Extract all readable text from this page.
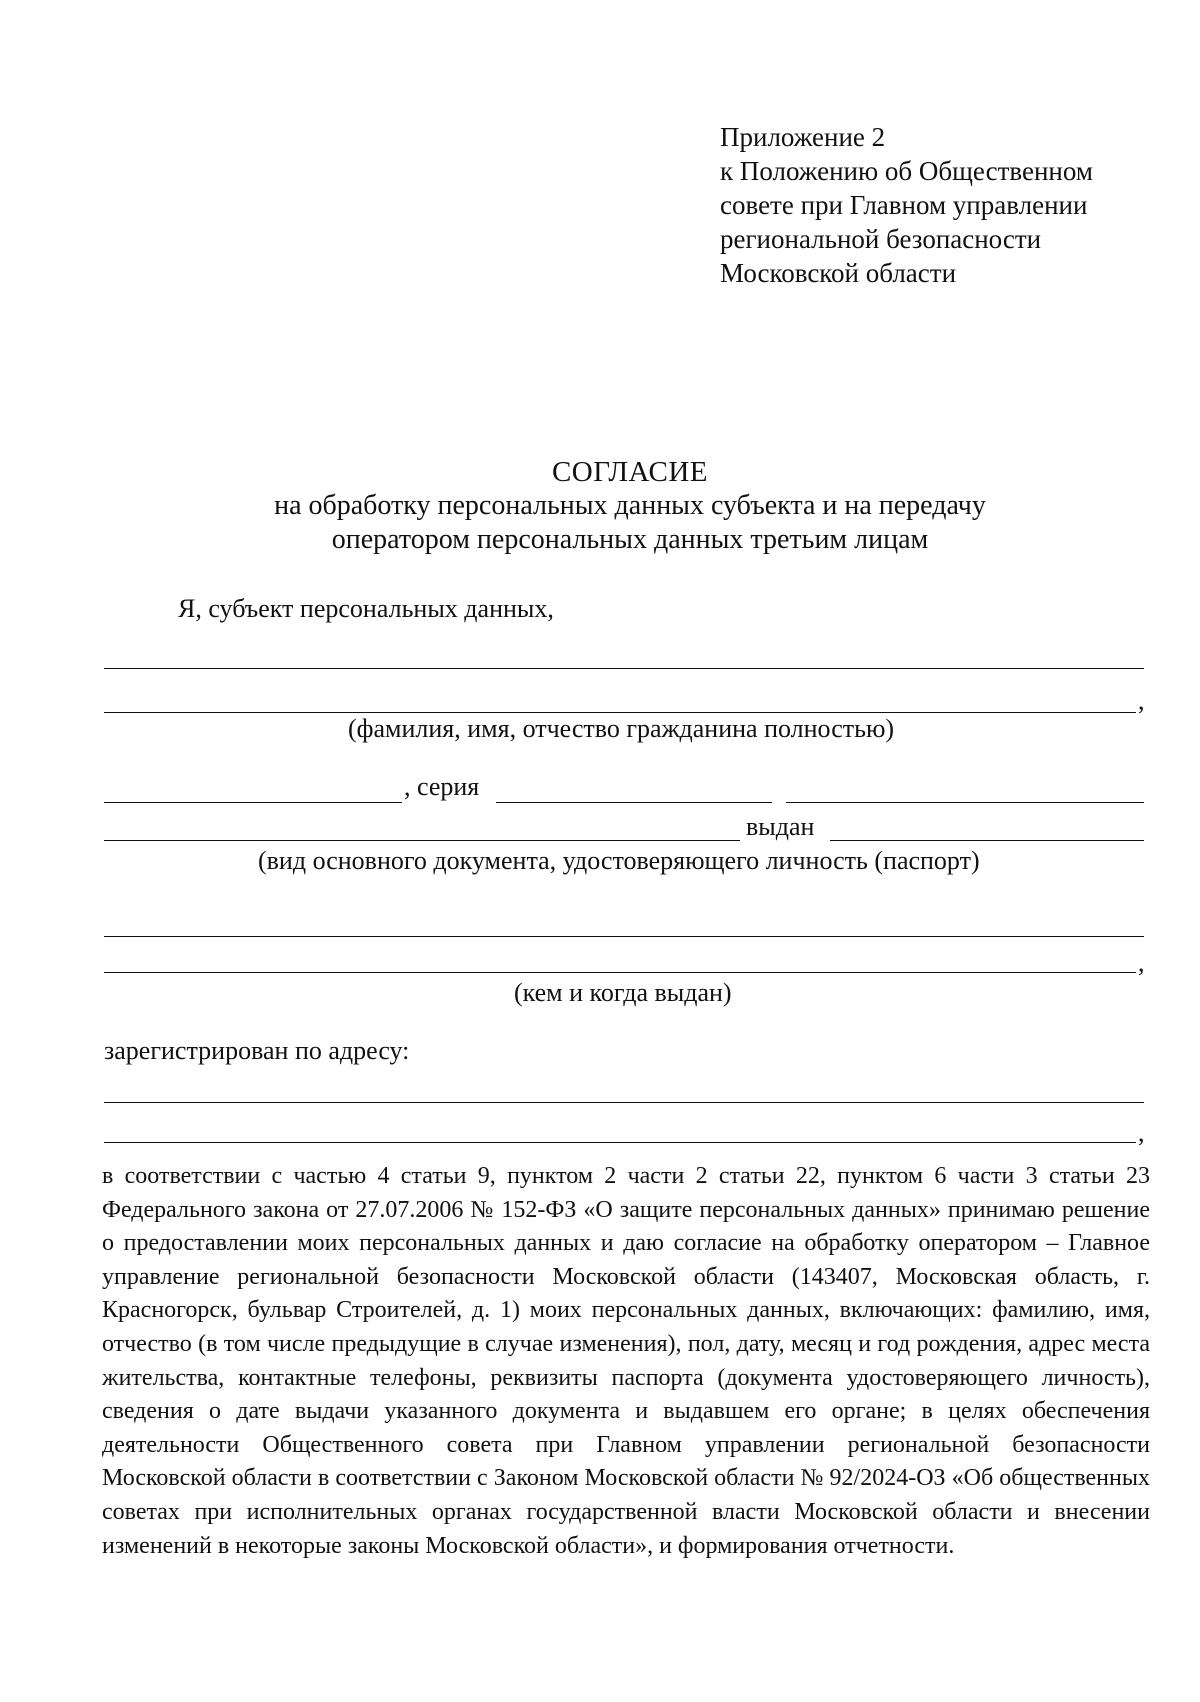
Приложение 2
к Положению об Общественном
совете при Главном управлении
региональной безопасности
Московской области
СОГЛАСИЕ
на обработку персональных данных субъекта и на передачу
оператором персональных данных третьим лицам
Я, субъект персональных данных,
,
(фамилия, имя, отчество гражданина полностью)
, серия
выдан
(вид основного документа, удостоверяющего личность (паспорт)
,
(кем и когда выдан)
зарегистрирован по адресу:
,
в соответствии с частью 4 статьи 9, пунктом 2 части 2 статьи 22, пунктом 6 части 3 статьи 23 Федерального закона от 27.07.2006 № 152-ФЗ «О защите персональных данных» принимаю решение о предоставлении моих персональных данных и даю согласие на обработку оператором – Главное управление региональной безопасности Московской области (143407, Московская область, г. Красногорск, бульвар Строителей, д. 1) моих персональных данных, включающих: фамилию, имя, отчество (в том числе предыдущие в случае изменения), пол, дату, месяц и год рождения, адрес места жительства, контактные телефоны, реквизиты паспорта (документа удостоверяющего личность), сведения о дате выдачи указанного документа и выдавшем его органе; в целях обеспечения деятельности Общественного совета при Главном управлении региональной безопасности Московской области в соответствии с Законом Московской области № 92/2024-ОЗ «Об общественных советах при исполнительных органах государственной власти Московской области и внесении изменений в некоторые законы Московской области», и формирования отчетности.
